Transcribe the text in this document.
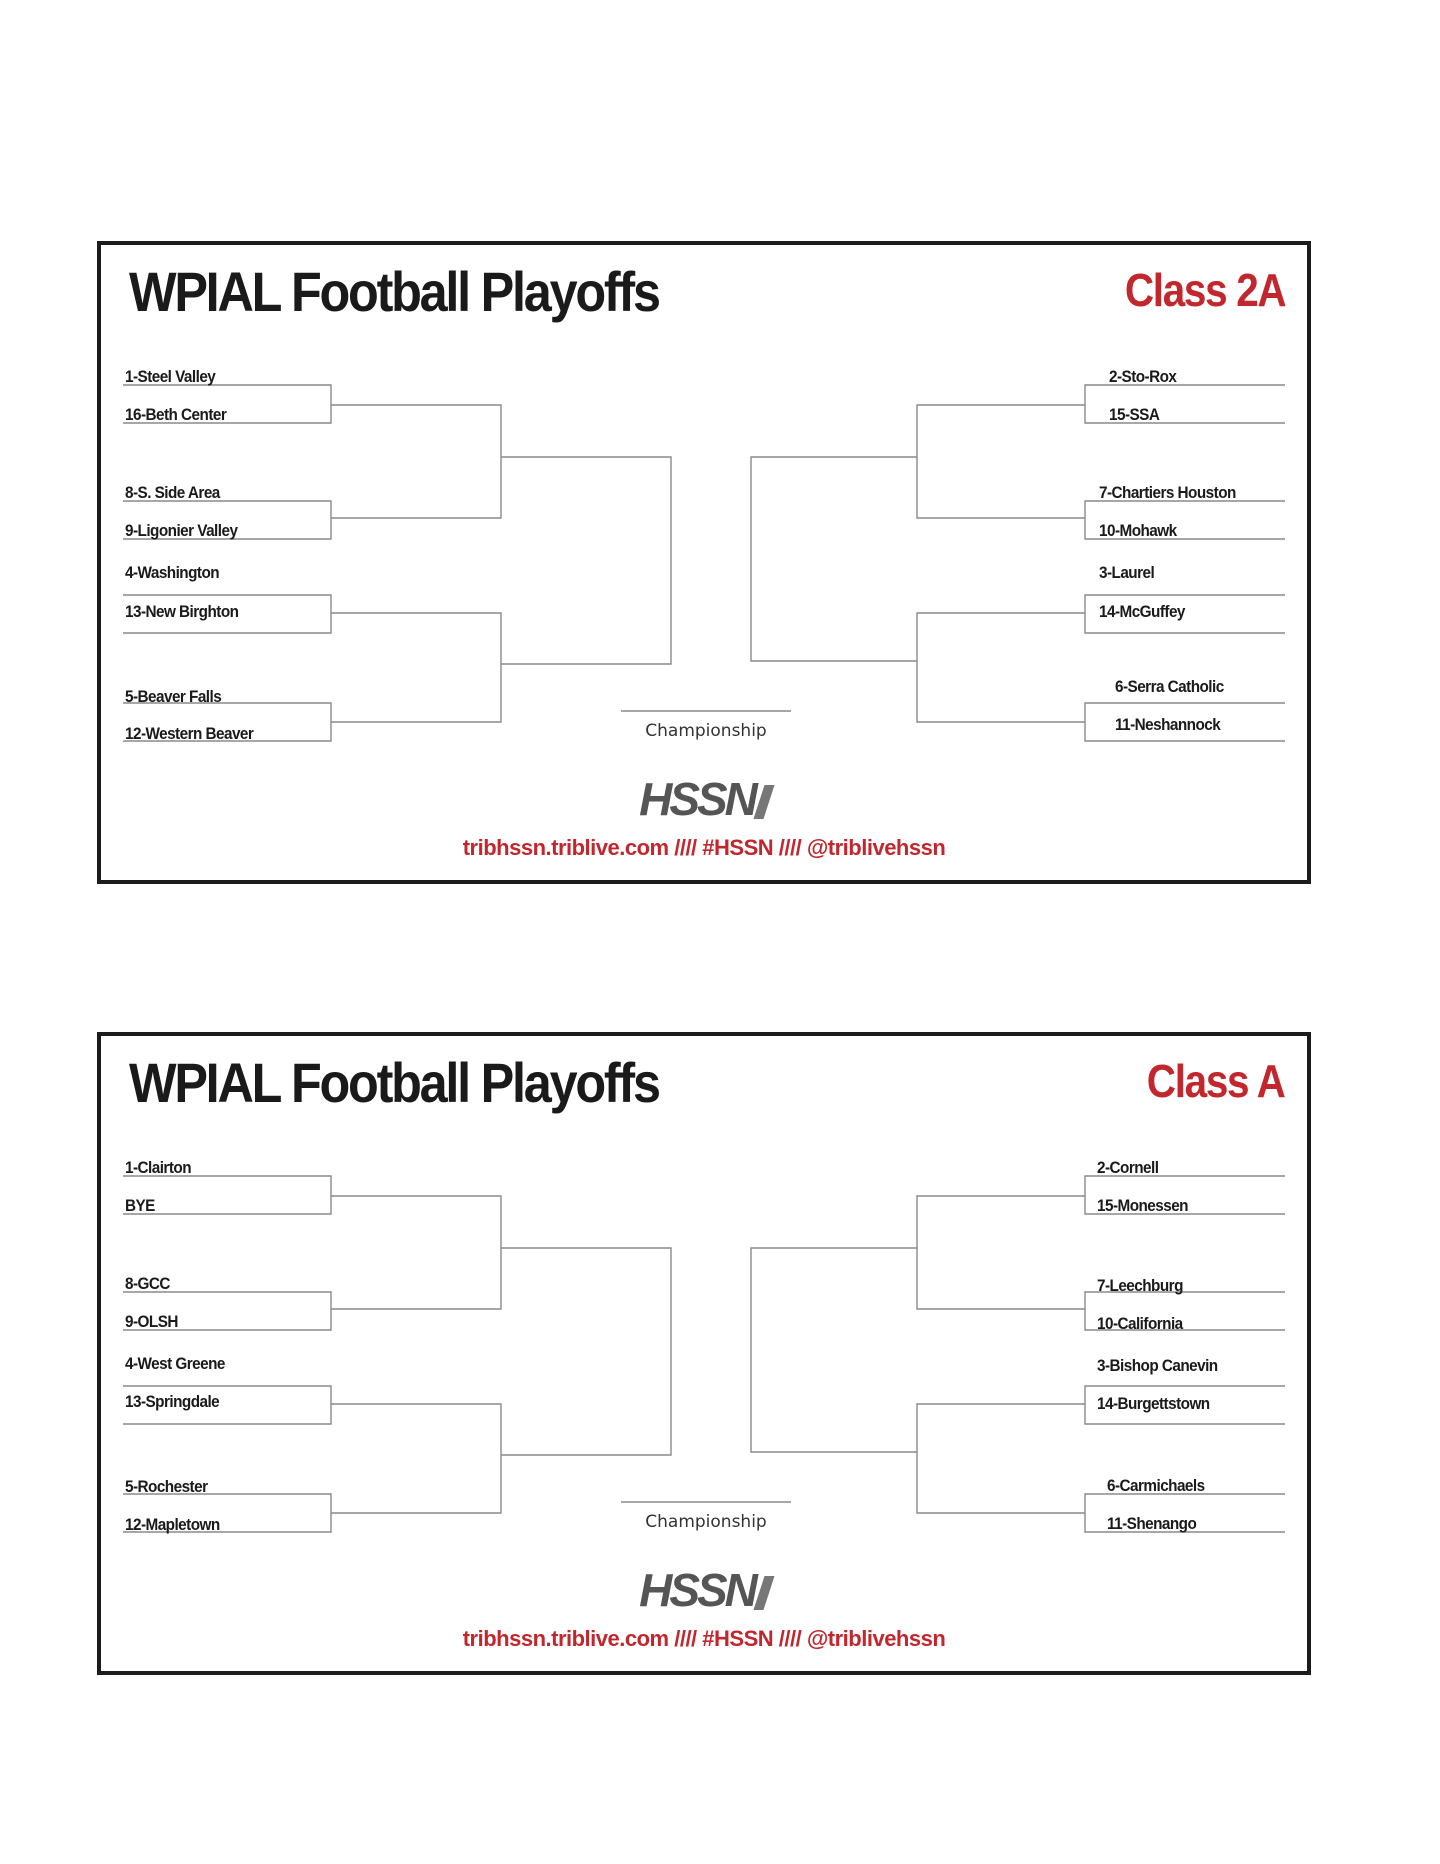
WPIAL Football Playoffs	Class 2A
1-Steel Valley
16-Beth Center
8-S. Side Area
9-Ligonier Valley
4-Washington
13-New Birghton
5-Beaver Falls
12-Western Beaver
2-Sto-Rox
15-SSA
7-Chartiers Houston
10-Mohawk
3-Laurel
14-McGuffey
6-Serra Catholic
11-Neshannock
Championship
HSSN
tribhssn.triblive.com //// #HSSN //// @triblivehssn
WPIAL Football Playoffs	Class A
1-Clairton
BYE
8-GCC
9-OLSH
4-West Greene
13-Springdale
5-Rochester
12-Mapletown
2-Cornell
15-Monessen
7-Leechburg
10-California
3-Bishop Canevin
14-Burgettstown
6-Carmichaels
11-Shenango
Championship
HSSN
tribhssn.triblive.com //// #HSSN //// @triblivehssn
